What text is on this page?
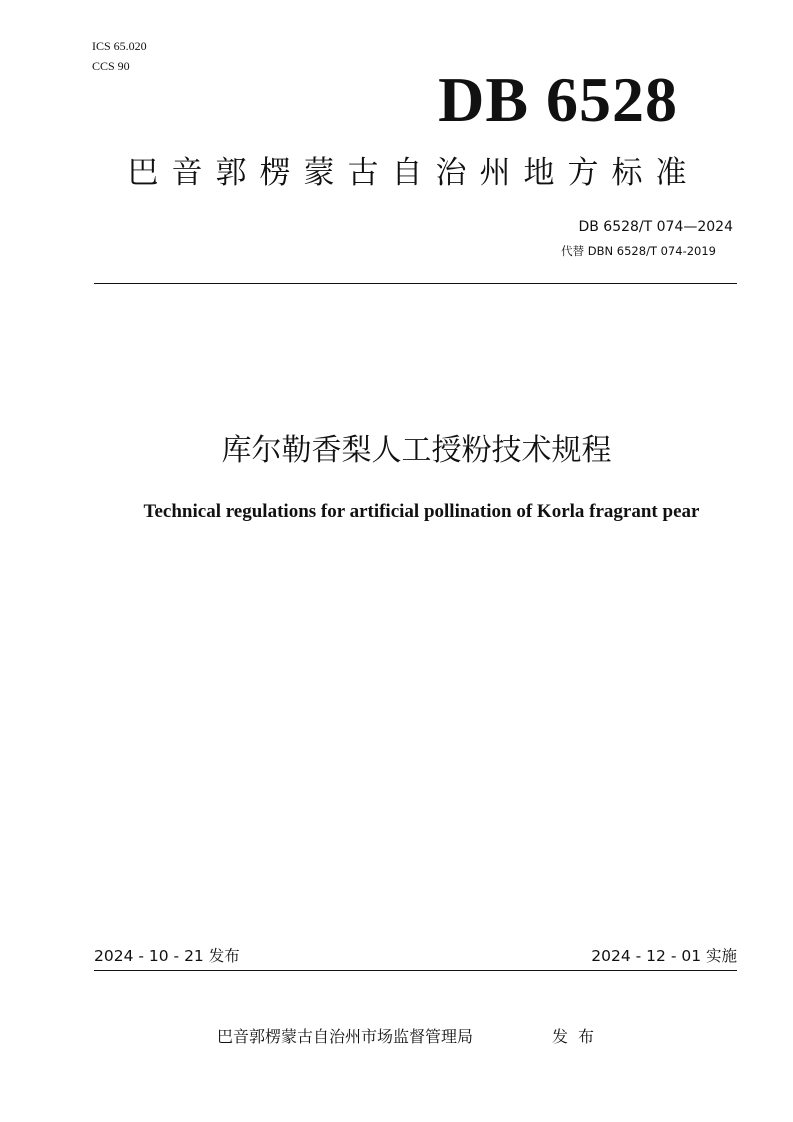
ICS 65.020
CCS 90	DB 6528
巴音郭楞蒙古自治州地方标准
DB 6528/T 074—2024
代替 DBN 6528/T 074-2019
库尔勒香梨人工授粉技术规程
Technical regulations for artificial pollination of Korla fragrant pear
2024 - 10 - 21 发布	2024 - 12 - 01 实施
巴音郭楞蒙古自治州市场监督管理局	发布
